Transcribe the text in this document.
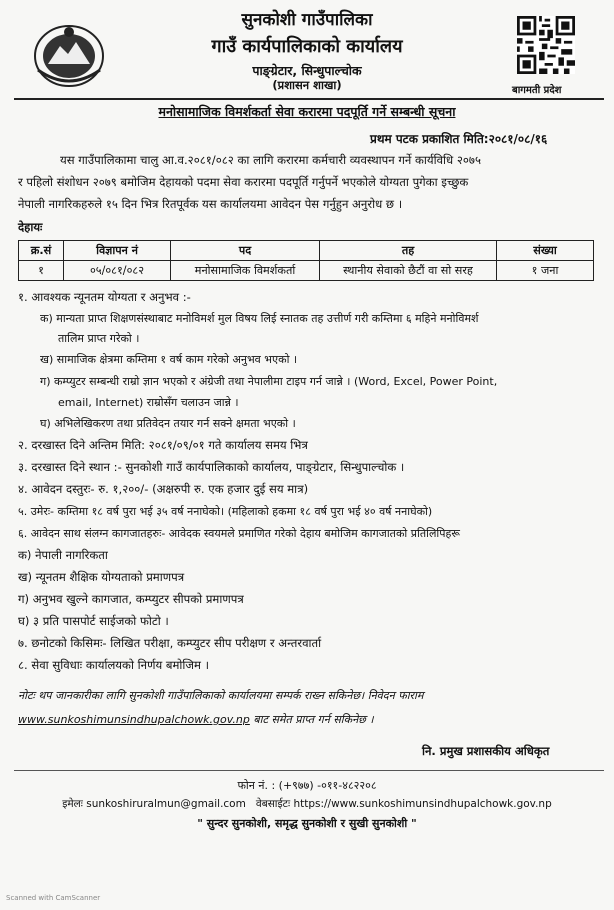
सुनकोशी गाउँपालिका
गाउँ कार्यपालिकाको कार्यालय
पाङ्ग्रेटार, सिन्धुपाल्चोक
(प्रशासन शाखा)	बागमती प्रदेश
मनोसामाजिक विमर्शकर्ता सेवा करारमा पदपूर्ति गर्ने सम्बन्धी सूचना
प्रथम पटक प्रकाशित मिति:२०८१/०८/१६
यस गाउँपालिकामा चालु आ.व.२०८१/०८२ का लागि करारमा कर्मचारी व्यवस्थापन गर्ने कार्यविधि २०७५
र पहिलो संशोधन २०७९ बमोजिम देहायको पदमा सेवा करारमा पदपूर्ति गर्नुपर्ने भएकोले योग्यता पुगेका इच्छुक
नेपाली नागरिकहरुले १५ दिन भित्र रितपूर्वक यस कार्यालयमा आवेदन पेस गर्नुहुन अनुरोध छ ।
देहायः
क्र.सं	विज्ञापन नं	पद	तह	संख्या
१	०५/०८१/०८२	मनोसामाजिक विमर्शकर्ता	स्थानीय सेवाको छैटौं वा सो सरह	१ जना
१. आवश्यक न्यूनतम योग्यता र अनुभव :-
क) मान्यता प्राप्त शिक्षणसंस्थाबाट मनोविमर्श मुल विषय लिई स्नातक तह उत्तीर्ण गरी कम्तिमा ६ महिने मनोविमर्श
तालिम प्राप्त गरेको ।
ख) सामाजिक क्षेत्रमा कम्तिमा १ वर्ष काम गरेको अनुभव भएको ।
ग) कम्प्युटर सम्बन्धी राम्रो ज्ञान भएको र अंग्रेजी तथा नेपालीमा टाइप गर्न जान्ने । (Word, Excel, Power Point,
email, Internet) राम्रोसँग चलाउन जान्ने ।
घ) अभिलेखिकरण तथा प्रतिवेदन तयार गर्न सक्ने क्षमता भएको ।
२. दरखास्त दिने अन्तिम मिति: २०८१/०९/०१ गते कार्यालय समय भित्र
३. दरखास्त दिने स्थान :- सुनकोशी गाउँ कार्यपालिकाको कार्यालय, पाङ्ग्रेटार, सिन्धुपाल्चोक ।
४. आवेदन दस्तुरः- रु. १,२००/- (अक्षरुपी रु. एक हजार दुई सय मात्र)
५. उमेरः- कम्तिमा १८ वर्ष पुरा भई ३५ वर्ष ननाघेको। (महिलाको हकमा १८ वर्ष पुरा भई ४० वर्ष ननाघेको)
६. आवेदन साथ संलग्न कागजातहरुः- आवेदक स्वयमले प्रमाणित गरेको देहाय बमोजिम कागजातको प्रतिलिपिहरू
क) नेपाली नागरिकता
ख) न्यूनतम शैक्षिक योग्यताको प्रमाणपत्र
ग) अनुभव खुल्ने कागजात, कम्प्युटर सीपको प्रमाणपत्र
घ) ३ प्रति पासपोर्ट साईजको फोटो ।
७. छनोटको किसिमः- लिखित परीक्षा, कम्प्युटर सीप परीक्षण र अन्तरवार्ता
८. सेवा सुविधाः कार्यालयको निर्णय बमोजिम ।
नोटः थप जानकारीका लागि सुनकोशी गाउँपालिकाको कार्यालयमा सम्पर्क राख्न सकिनेछ। निवेदन फाराम
www.sunkoshimunsindhupalchowk.gov.np बाट समेत प्राप्त गर्न सकिनेछ ।
नि. प्रमुख प्रशासकीय अधिकृत
फोन नं. : (+९७७) -०११-४८२२०८
इमेलः sunkoshiruralmun@gmail.com वेबसाईटः https://www.sunkoshimunsindhupalchowk.gov.np
" सुन्दर सुनकोशी, समृद्ध सुनकोशी र सुखी सुनकोशी "
Scanned with CamScanner
